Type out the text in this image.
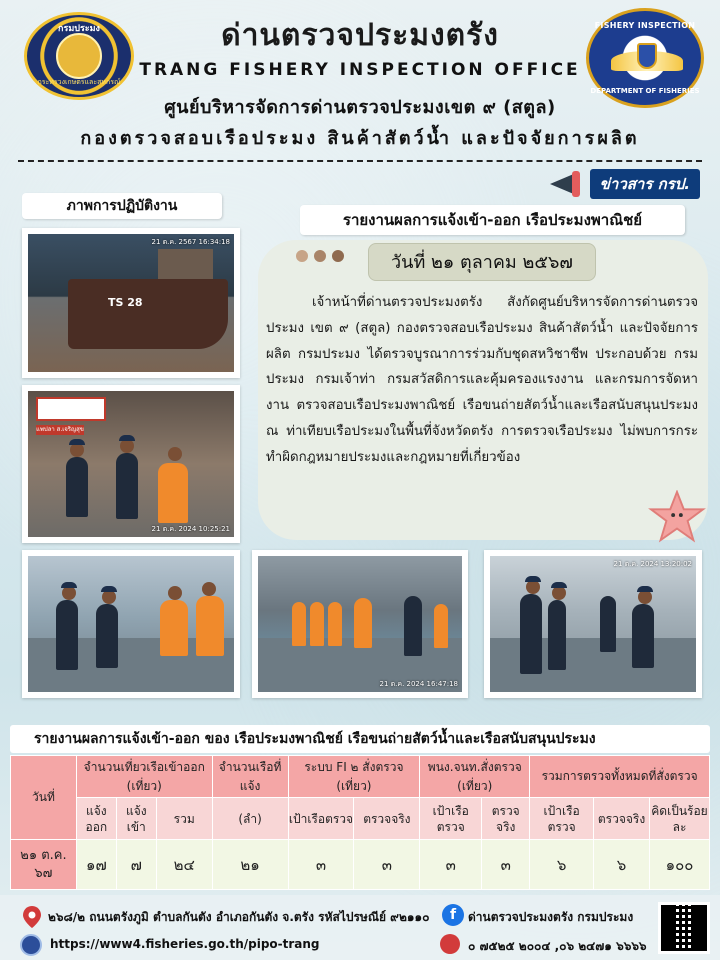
กรมประมง
กระทรวงเกษตรและสหกรณ์
ด่านตรวจประมงตรัง
TRANG FISHERY INSPECTION OFFICE
ศูนย์บริหารจัดการด่านตรวจประมงเขต ๙ (สตูล)
กองตรวจสอบเรือประมง สินค้าสัตว์น้ำ และปัจจัยการผลิต
FISHERY INSPECTION
DEPARTMENT OF FISHERIES
ข่าวสาร กรป.
ภาพการปฏิบัติงาน
รายงานผลการแจ้งเข้า-ออก เรือประมงพาณิชย์
TS 28
21 ต.ค. 2567 16:34:18
แพปลา ส.เจริญสุข
21 ต.ค. 2024 10:25:21
21 ต.ค. 2024 16:47:18
21 ต.ค. 2024 13:20:02
วันที่ ๒๑ ตุลาคม ๒๕๖๗
เจ้าหน้าที่ด่านตรวจประมงตรัง สังกัดศูนย์บริหารจัดการด่านตรวจประมง เขต ๙ (สตูล) กองตรวจสอบเรือประมง สินค้าสัตว์น้ำ และปัจจัยการผลิต กรมประมง ได้ตรวจบูรณาการร่วมกับชุดสหวิชาชีพ ประกอบด้วย กรมประมง กรมเจ้าท่า กรมสวัสดิการและคุ้มครองแรงงาน และกรมการจัดหางาน ตรวจสอบเรือประมงพาณิชย์ เรือขนถ่ายสัตว์น้ำและเรือสนับสนุนประมง ณ ท่าเทียบเรือประมงในพื้นที่จังหวัดตรัง การตรวจเรือประมง ไม่พบการกระทำผิดกฎหมายประมงและกฎหมายที่เกี่ยวข้อง
รายงานผลการแจ้งเข้า-ออก ของ เรือประมงพาณิชย์ เรือขนถ่ายสัตว์น้ำและเรือสนับสนุนประมง
วันที่	จำนวนเที่ยวเรือเข้าออก (เที่ยว)			จำนวนเรือที่แจ้ง	ระบบ FI ๒ สั่งตรวจ (เที่ยว)		พนง.จนท.สั่งตรวจ (เที่ยว)		รวมการตรวจทั้งหมดที่สั่งตรวจ		
	แจ้งออก	แจ้งเข้า	รวม	(ลำ)	เป้าเรือตรวจ	ตรวจจริง	เป้าเรือตรวจ	ตรวจจริง	เป้าเรือตรวจ	ตรวจจริง	คิดเป็นร้อยละ
๒๑ ต.ค. ๖๗	๑๗	๗	๒๔	๒๑	๓	๓	๓	๓	๖	๖	๑๐๐
๒๖๘/๒ ถนนตรังภูมิ ตำบลกันตัง อำเภอกันตัง จ.ตรัง รหัสไปรษณีย์ ๙๒๑๑๐
https://www4.fisheries.go.th/pipo-trang
f ด่านตรวจประมงตรัง กรมประมง
๐ ๗๕๒๕ ๒๐๐๔ ,๐๖ ๒๔๗๑ ๖๖๖๖
